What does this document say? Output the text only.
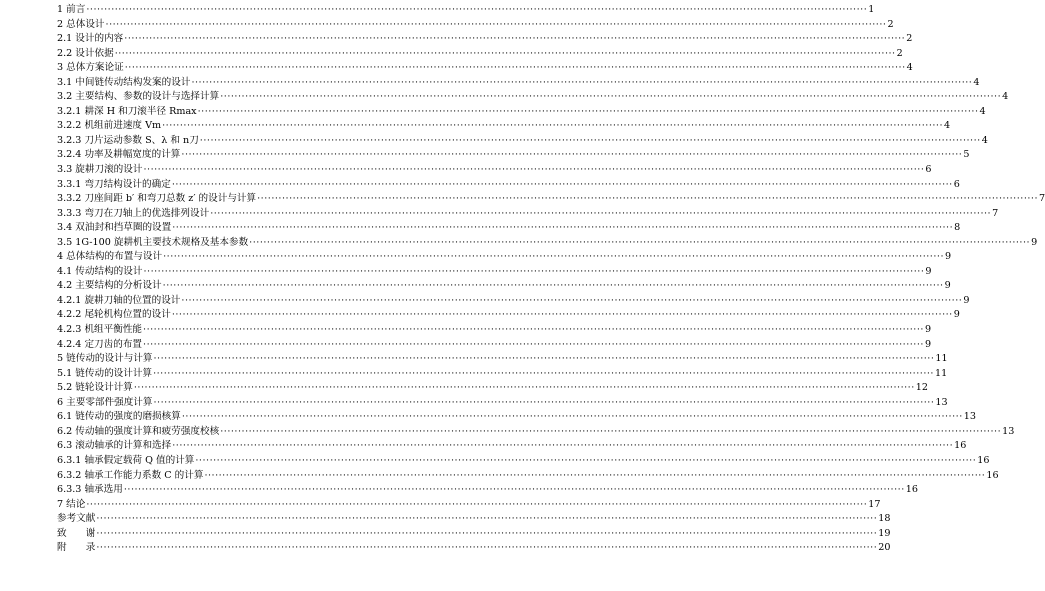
1 前言 ···························································································································································································································· 1
2 总体设计 ···························································································································································································································· 2
2.1 设计的内容 ···························································································································································································································· 2
2.2 设计依据 ···························································································································································································································· 2
3 总体方案论证 ···························································································································································································································· 4
3.1 中间链传动结构发案的设计 ···························································································································································································································· 4
3.2 主要结构、参数的设计与选择计算 ···························································································································································································································· 4
3.2.1 耕深 H 和刀滚半径 Rmax ···························································································································································································································· 4
3.2.2 机组前进速度 Vm ···························································································································································································································· 4
3.2.3 刀片运动参数 S、λ 和 n刀 ···························································································································································································································· 4
3.2.4 功率及耕幅宽度的计算 ···························································································································································································································· 5
3.3 旋耕刀滚的设计 ···························································································································································································································· 6
3.3.1 弯刀结构设计的确定 ···························································································································································································································· 6
3.3.2 刀座间距 b′ 和弯刀总数 z′ 的设计与计算 ···························································································································································································································· 7
3.3.3 弯刀在刀轴上的优选排列设计 ···························································································································································································································· 7
3.4 双油封和挡草圈的设置 ···························································································································································································································· 8
3.5 1G-100 旋耕机主要技术规格及基本参数 ···························································································································································································································· 9
4 总体结构的布置与设计 ···························································································································································································································· 9
4.1 传动结构的设计 ···························································································································································································································· 9
4.2 主要结构的分析设计 ···························································································································································································································· 9
4.2.1 旋耕刀轴的位置的设计 ···························································································································································································································· 9
4.2.2 尾轮机构位置的设计 ···························································································································································································································· 9
4.2.3 机组平衡性能 ···························································································································································································································· 9
4.2.4 定刀齿的布置 ···························································································································································································································· 9
5 链传动的设计与计算 ···························································································································································································································· 11
5.1 链传动的设计计算 ···························································································································································································································· 11
5.2 链轮设计计算 ···························································································································································································································· 12
6 主要零部件强度计算 ···························································································································································································································· 13
6.1 链传动的强度的磨损核算 ···························································································································································································································· 13
6.2 传动轴的强度计算和疲劳强度校核 ···························································································································································································································· 13
6.3 滚动轴承的计算和选择 ···························································································································································································································· 16
6.3.1 轴承假定载荷 Q 值的计算 ···························································································································································································································· 16
6.3.2 轴承工作能力系数 C 的计算 ···························································································································································································································· 16
6.3.3 轴承选用 ···························································································································································································································· 16
7 结论 ···························································································································································································································· 17
参考文献 ···························································································································································································································· 18
致　　谢 ···························································································································································································································· 19
附　　录 ···························································································································································································································· 20
